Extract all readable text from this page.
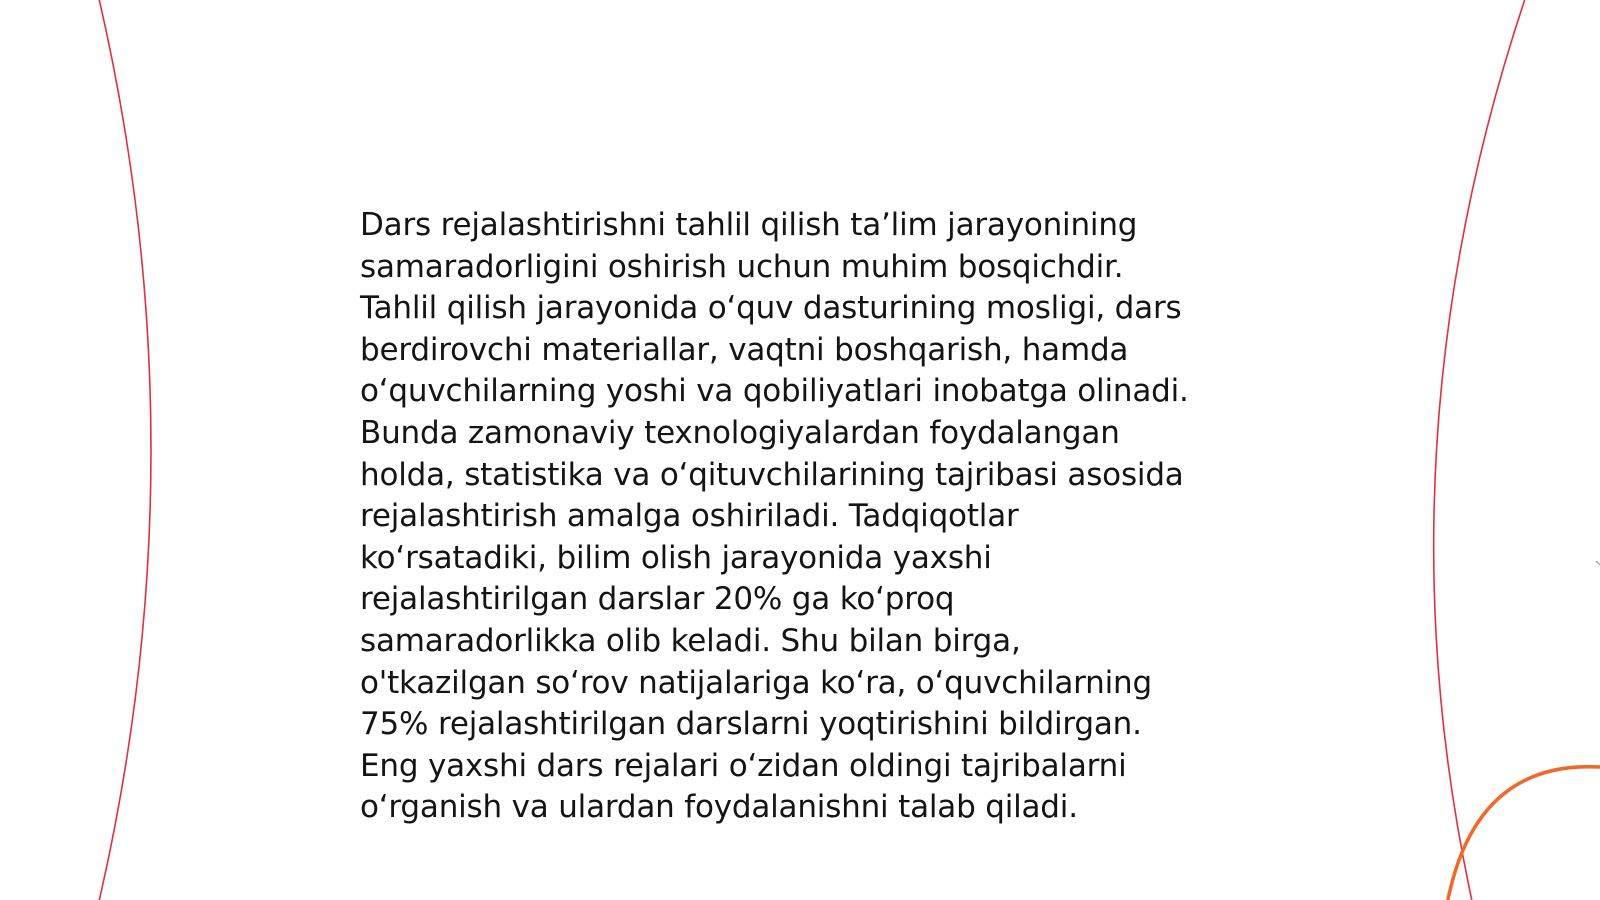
Dars rejalashtirishni tahlil qilish ta’lim jarayonining
samaradorligini oshirish uchun muhim bosqichdir.
Tahlil qilish jarayonida o‘quv dasturining mosligi, dars
berdirovchi materiallar, vaqtni boshqarish, hamda
o‘quvchilarning yoshi va qobiliyatlari inobatga olinadi.
Bunda zamonaviy texnologiyalardan foydalangan
holda, statistika va o‘qituvchilarining tajribasi asosida
rejalashtirish amalga oshiriladi. Tadqiqotlar
ko‘rsatadiki, bilim olish jarayonida yaxshi
rejalashtirilgan darslar 20% ga ko‘proq
samaradorlikka olib keladi. Shu bilan birga,
o'tkazilgan so‘rov natijalariga ko‘ra, o‘quvchilarning
75% rejalashtirilgan darslarni yoqtirishini bildirgan.
Eng yaxshi dars rejalari o‘zidan oldingi tajribalarni
o‘rganish va ulardan foydalanishni talab qiladi.
